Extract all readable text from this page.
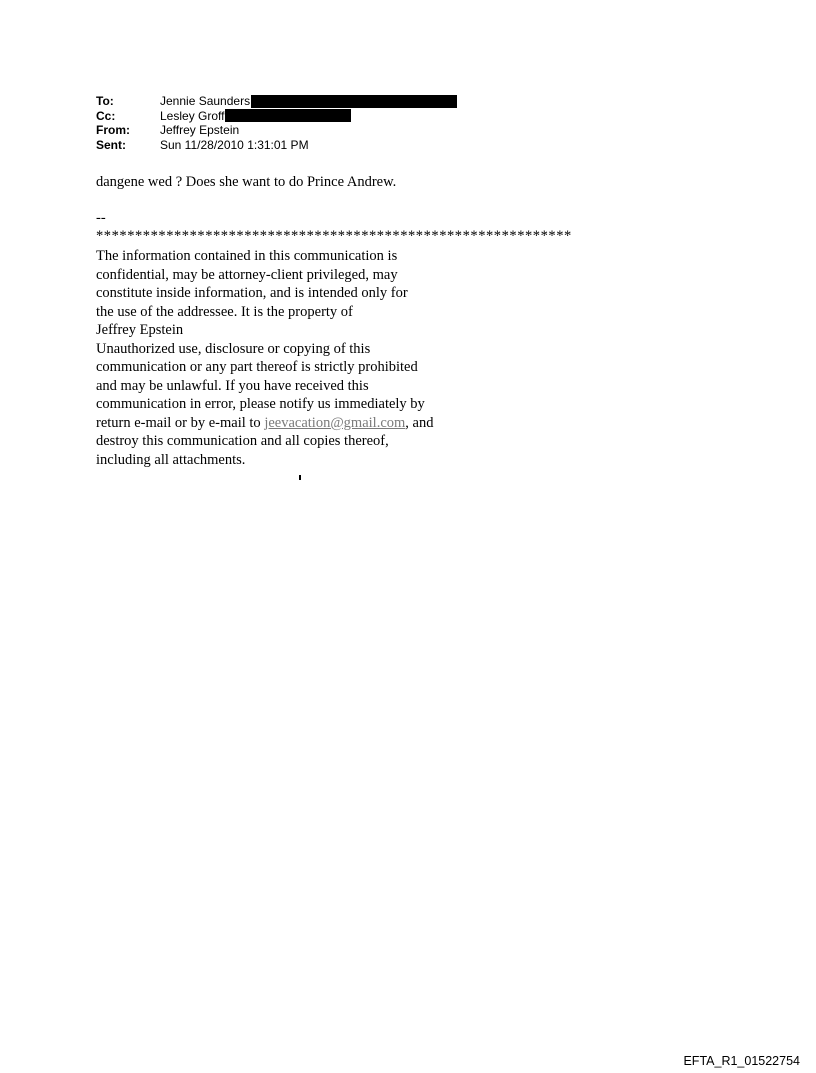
To:	Jennie Saunders
Cc:	Lesley Groff
From:	Jeffrey Epstein
Sent:	Sun 11/28/2010 1:31:01 PM

dangene wed ? Does she want to do Prince Andrew.

--
*************************************************************
The information contained in this communication is
confidential, may be attorney-client privileged, may
constitute inside information, and is intended only for
the use of the addressee. It is the property of
Jeffrey Epstein
Unauthorized use, disclosure or copying of this
communication or any part thereof is strictly prohibited
and may be unlawful. If you have received this
communication in error, please notify us immediately by
return e-mail or by e-mail to jeevacation@gmail.com, and
destroy this communication and all copies thereof,
including all attachments.
EFTA_R1_01522754
